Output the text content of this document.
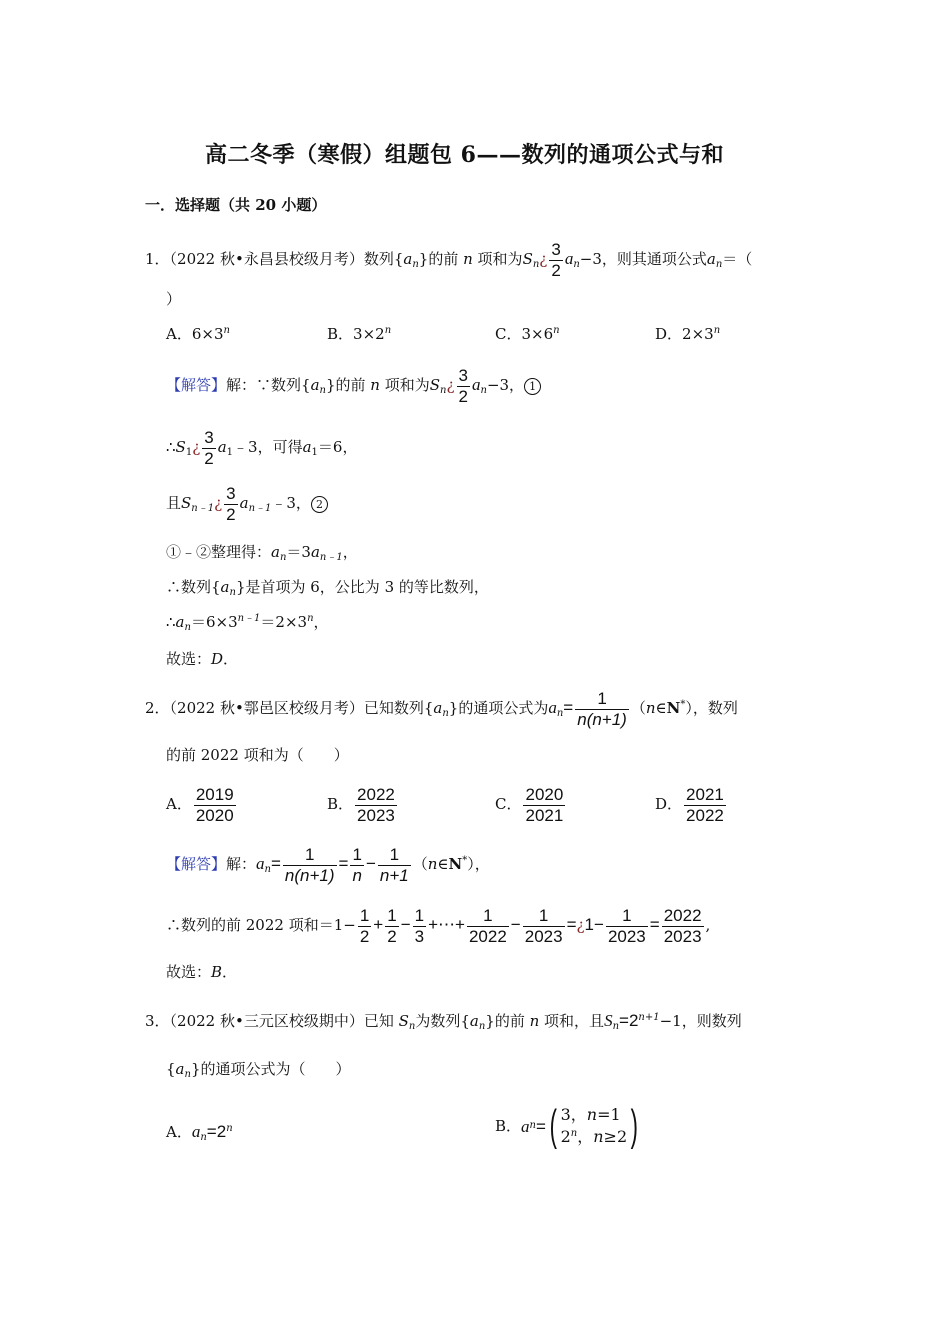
高二冬季（寒假）组题包 6——数列的通项公式与和
一．选择题（共 20 小题）
1．（2022 秋•永昌县校级月考）数列$\{a_n\}$的前 n 项和为$S_n¿ \frac{3}{2} a_n-3$，则其通项公式$a_n=$（
）
A．$6\times 3^n$	B．$3\times 2^n$	C．$3\times 6^n$	D．$2\times 3^n$
【解答】解：∵数列$\{a_n\}$的前 n 项和为$S_n¿ \frac{3}{2} a_n-3$， 1
$\therefore S_1¿ \frac{3}{2}$ $a_1﹣3$，可得$a_1=6$，
且$S_{n﹣1}¿ \frac{3}{2}$ $a_{n﹣1}﹣3$， 2
①﹣②整理得：$a_n=3a_{n﹣1}$，
∴数列$\{a_n\}$是首项为 6，公比为 3 的等比数列，
$\therefore a_n=6\times 3^{n﹣1}=2\times 3^n$，
故选：D．
2．（2022 秋•鄠邑区校级月考）已知数列$\{a_n\}$的通项公式为$a_n= \frac{1}{n(n+1)}$ （n∈N*），数列
的前 2022 项和为（　　）
A． $\frac{2019}{2020}$	B． $\frac{2022}{2023}$	C． $\frac{2020}{2021}$	D． $\frac{2021}{2022}$
【解答】解：$a_n= \frac{1}{n(n+1)} = \frac{1}{n} - \frac{1}{n+1}$ （n∈N*），
∴数列的前 2022 项和$=1- \frac{1}{2} + \frac{1}{2} - \frac{1}{3}$ +⋯+ $\frac{1}{2022} - \frac{1}{2023}$ =¿1− $\frac{1}{2023} = \frac{2022}{2023}$ ,
故选：B．
3．（2022 秋•三元区校级期中）已知 $S_n$为数列$\{a_n\}$的前 n 项和，且$S_n=2^{n+1}-1$，则数列
$\{a_n\}$的通项公式为（　　）
A．$a_n=2^n$	B． a n = ( 3，n=1
2$^n$，n≥2 )
